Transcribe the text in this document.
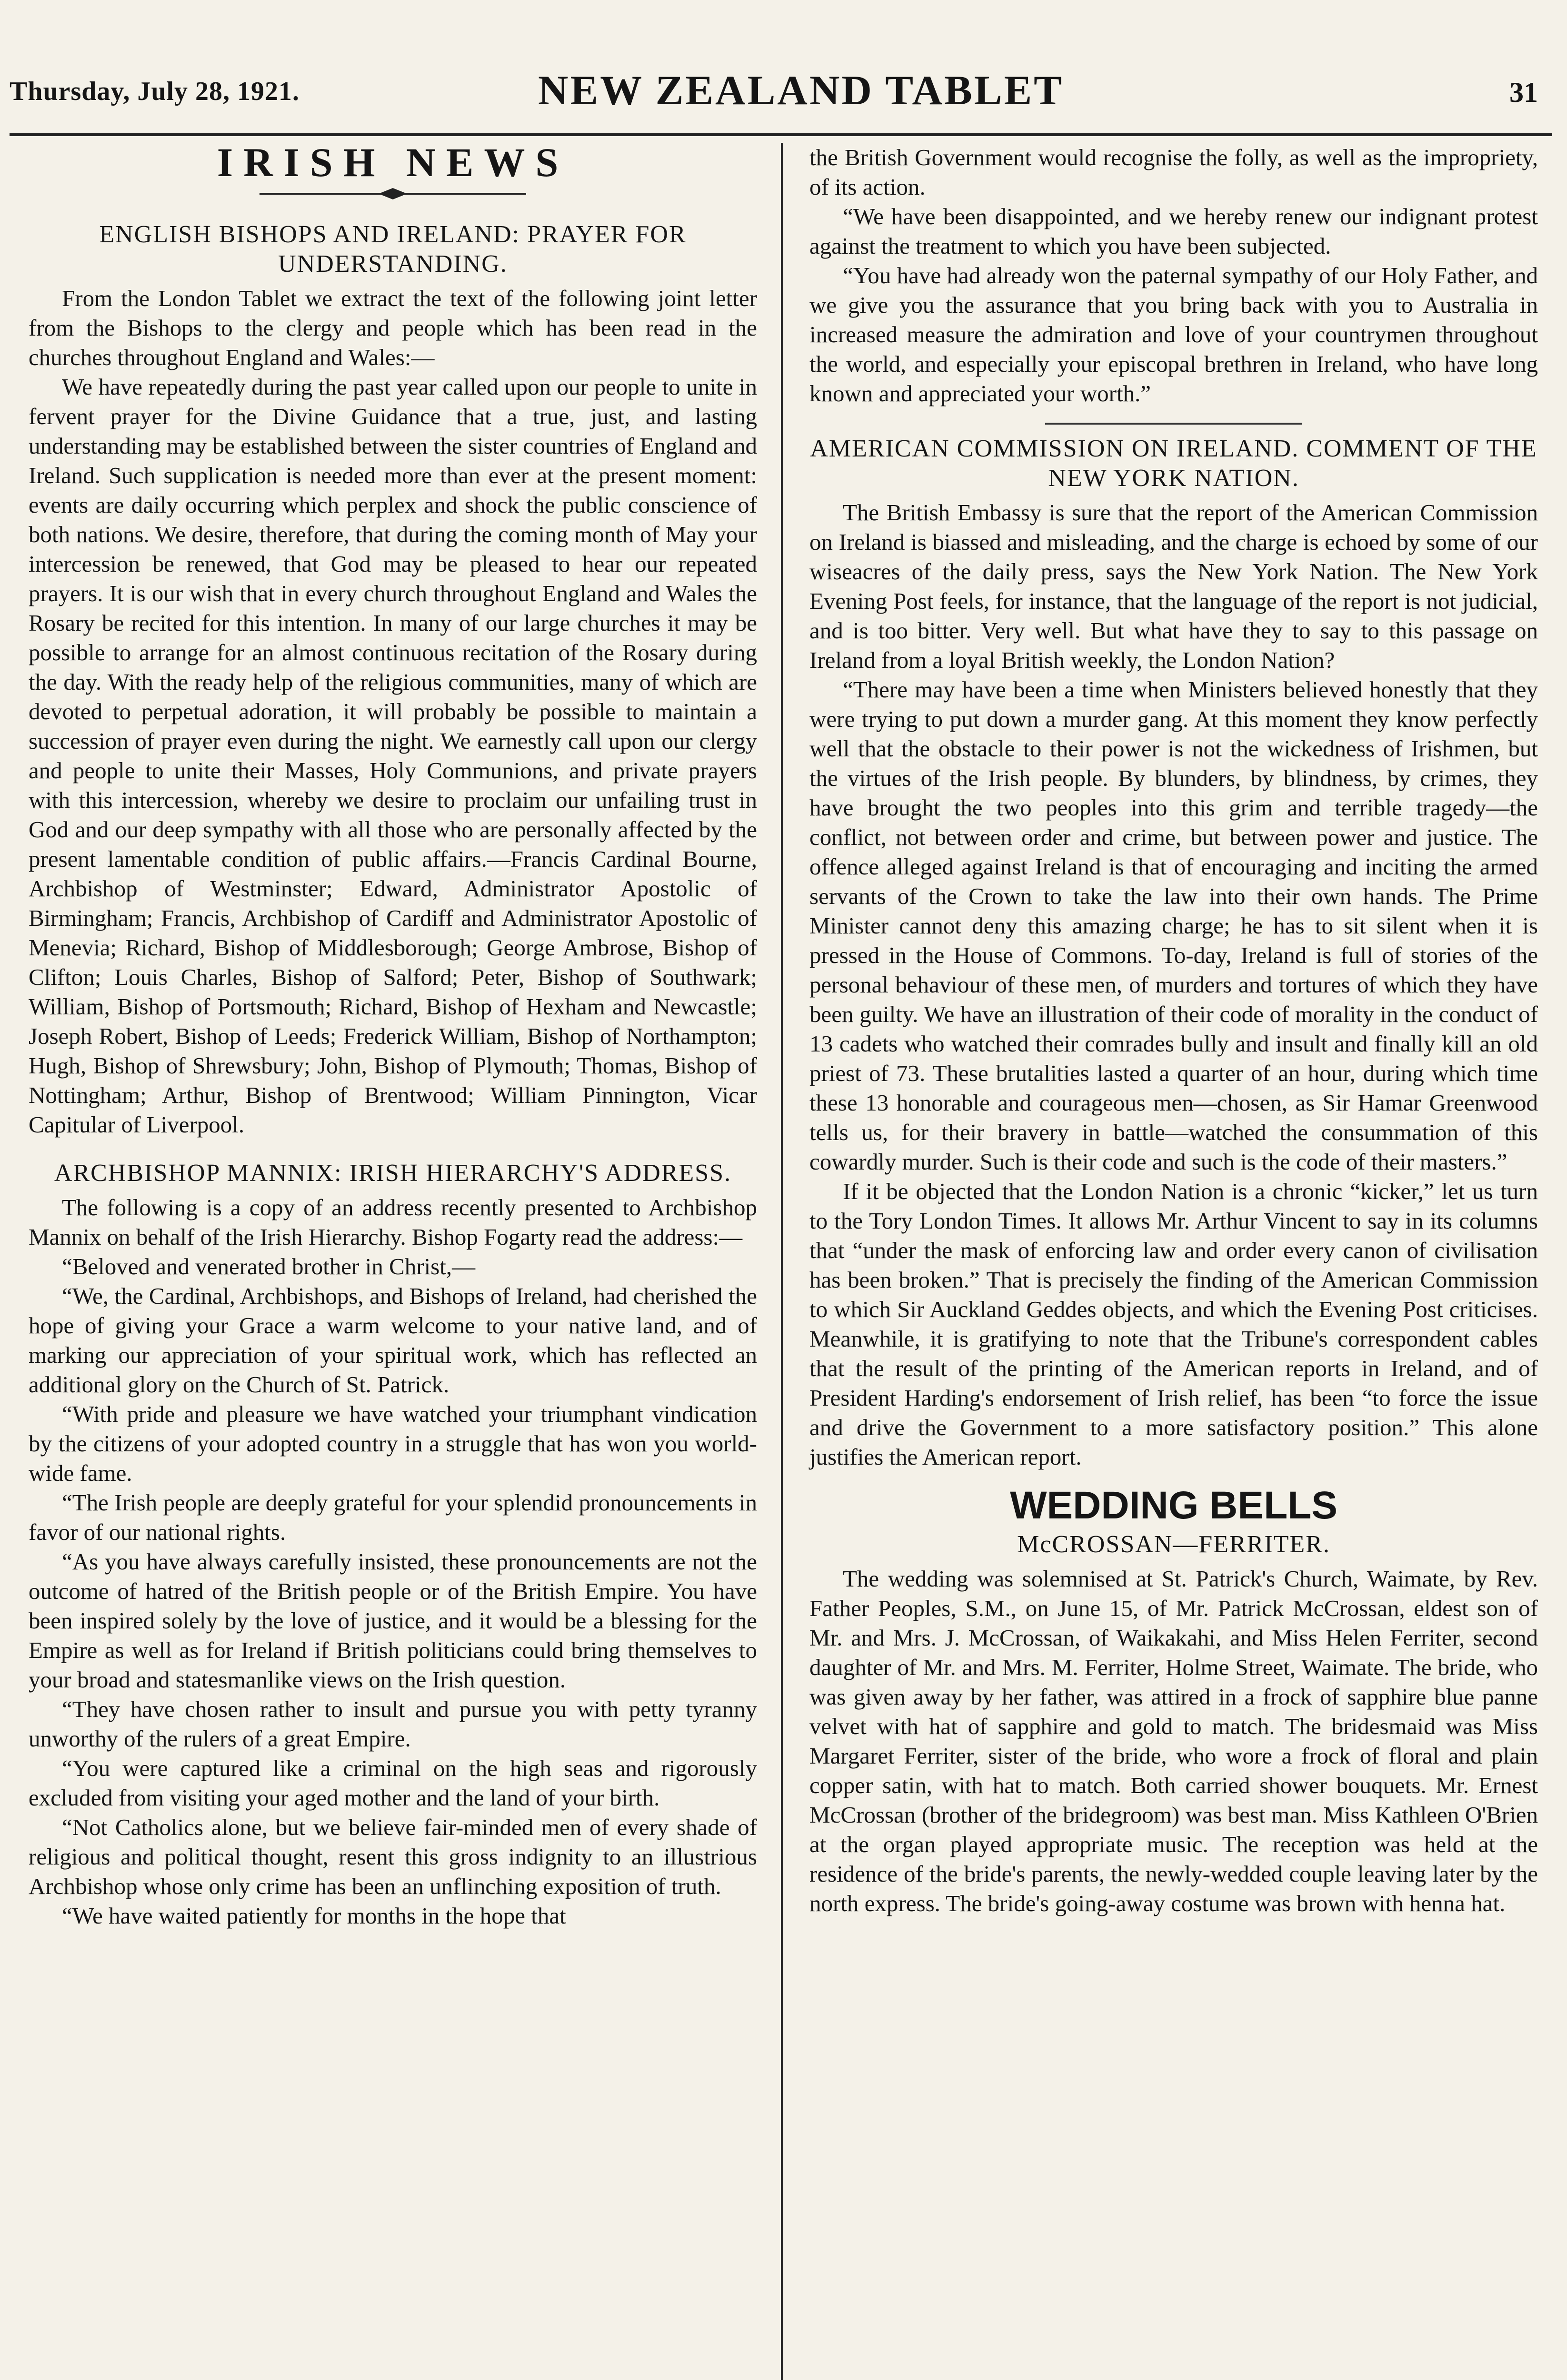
Thursday, July 28, 1921.	NEW ZEALAND TABLET	31
IRISH NEWS
ENGLISH BISHOPS AND IRELAND: PRAYER FOR UNDERSTANDING.

From the London Tablet we extract the text of the following joint letter from the Bishops to the clergy and people which has been read in the churches throughout England and Wales:—

We have repeatedly during the past year called upon our people to unite in fervent prayer for the Divine Guidance that a true, just, and lasting understanding may be established between the sister countries of England and Ireland. Such supplication is needed more than ever at the present moment: events are daily occurring which perplex and shock the public conscience of both nations. We desire, therefore, that during the coming month of May your intercession be renewed, that God may be pleased to hear our repeated prayers. It is our wish that in every church throughout England and Wales the Rosary be recited for this intention. In many of our large churches it may be possible to arrange for an almost continuous recitation of the Rosary during the day. With the ready help of the religious communities, many of which are devoted to perpetual adoration, it will probably be possible to maintain a succession of prayer even during the night. We earnestly call upon our clergy and people to unite their Masses, Holy Communions, and private prayers with this intercession, whereby we desire to proclaim our unfailing trust in God and our deep sympathy with all those who are personally affected by the present lamentable condition of public affairs.—Francis Cardinal Bourne, Archbishop of Westminster; Edward, Administrator Apostolic of Birmingham; Francis, Archbishop of Cardiff and Administrator Apostolic of Menevia; Richard, Bishop of Middlesborough; George Ambrose, Bishop of Clifton; Louis Charles, Bishop of Salford; Peter, Bishop of Southwark; William, Bishop of Portsmouth; Richard, Bishop of Hexham and Newcastle; Joseph Robert, Bishop of Leeds; Frederick William, Bishop of Northampton; Hugh, Bishop of Shrewsbury; John, Bishop of Plymouth; Thomas, Bishop of Nottingham; Arthur, Bishop of Brentwood; William Pinnington, Vicar Capitular of Liverpool.

ARCHBISHOP MANNIX: IRISH HIERARCHY'S ADDRESS.

The following is a copy of an address recently presented to Archbishop Mannix on behalf of the Irish Hierarchy. Bishop Fogarty read the address:—

“Beloved and venerated brother in Christ,—

“We, the Cardinal, Archbishops, and Bishops of Ireland, had cherished the hope of giving your Grace a warm welcome to your native land, and of marking our appreciation of your spiritual work, which has reflected an additional glory on the Church of St. Patrick.

“With pride and pleasure we have watched your triumphant vindication by the citizens of your adopted country in a struggle that has won you world-wide fame.

“The Irish people are deeply grateful for your splendid pronouncements in favor of our national rights.

“As you have always carefully insisted, these pronouncements are not the outcome of hatred of the British people or of the British Empire. You have been inspired solely by the love of justice, and it would be a blessing for the Empire as well as for Ireland if British politicians could bring themselves to your broad and statesmanlike views on the Irish question.

“They have chosen rather to insult and pursue you with petty tyranny unworthy of the rulers of a great Empire.

“You were captured like a criminal on the high seas and rigorously excluded from visiting your aged mother and the land of your birth.

“Not Catholics alone, but we believe fair-minded men of every shade of religious and political thought, resent this gross indignity to an illustrious Archbishop whose only crime has been an unflinching exposition of truth.

“We have waited patiently for months in the hope that

the British Government would recognise the folly, as well as the impropriety, of its action.

“We have been disappointed, and we hereby renew our indignant protest against the treatment to which you have been subjected.

“You have had already won the paternal sympathy of our Holy Father, and we give you the assurance that you bring back with you to Australia in increased measure the admiration and love of your countrymen throughout the world, and especially your episcopal brethren in Ireland, who have long known and appreciated your worth.”

AMERICAN COMMISSION ON IRELAND. COMMENT OF THE NEW YORK NATION.

The British Embassy is sure that the report of the American Commission on Ireland is biassed and misleading, and the charge is echoed by some of our wiseacres of the daily press, says the New York Nation. The New York Evening Post feels, for instance, that the language of the report is not judicial, and is too bitter. Very well. But what have they to say to this passage on Ireland from a loyal British weekly, the London Nation?

“There may have been a time when Ministers believed honestly that they were trying to put down a murder gang. At this moment they know perfectly well that the obstacle to their power is not the wickedness of Irishmen, but the virtues of the Irish people. By blunders, by blindness, by crimes, they have brought the two peoples into this grim and terrible tragedy—the conflict, not between order and crime, but between power and justice. The offence alleged against Ireland is that of encouraging and inciting the armed servants of the Crown to take the law into their own hands. The Prime Minister cannot deny this amazing charge; he has to sit silent when it is pressed in the House of Commons. To-day, Ireland is full of stories of the personal behaviour of these men, of murders and tortures of which they have been guilty. We have an illustration of their code of morality in the conduct of 13 cadets who watched their comrades bully and insult and finally kill an old priest of 73. These brutalities lasted a quarter of an hour, during which time these 13 honorable and courageous men—chosen, as Sir Hamar Greenwood tells us, for their bravery in battle—watched the consummation of this cowardly murder. Such is their code and such is the code of their masters.”

If it be objected that the London Nation is a chronic “kicker,” let us turn to the Tory London Times. It allows Mr. Arthur Vincent to say in its columns that “under the mask of enforcing law and order every canon of civilisation has been broken.” That is precisely the finding of the American Commission to which Sir Auckland Geddes objects, and which the Evening Post criticises. Meanwhile, it is gratifying to note that the Tribune's correspondent cables that the result of the printing of the American reports in Ireland, and of President Harding's endorsement of Irish relief, has been “to force the issue and drive the Government to a more satisfactory position.” This alone justifies the American report.

WEDDING BELLS
McCROSSAN—FERRITER.

The wedding was solemnised at St. Patrick's Church, Waimate, by Rev. Father Peoples, S.M., on June 15, of Mr. Patrick McCrossan, eldest son of Mr. and Mrs. J. McCrossan, of Waikakahi, and Miss Helen Ferriter, second daughter of Mr. and Mrs. M. Ferriter, Holme Street, Waimate. The bride, who was given away by her father, was attired in a frock of sapphire blue panne velvet with hat of sapphire and gold to match. The bridesmaid was Miss Margaret Ferriter, sister of the bride, who wore a frock of floral and plain copper satin, with hat to match. Both carried shower bouquets. Mr. Ernest McCrossan (brother of the bridegroom) was best man. Miss Kathleen O'Brien at the organ played appropriate music. The reception was held at the residence of the bride's parents, the newly-wedded couple leaving later by the north express. The bride's going-away costume was brown with henna hat.
